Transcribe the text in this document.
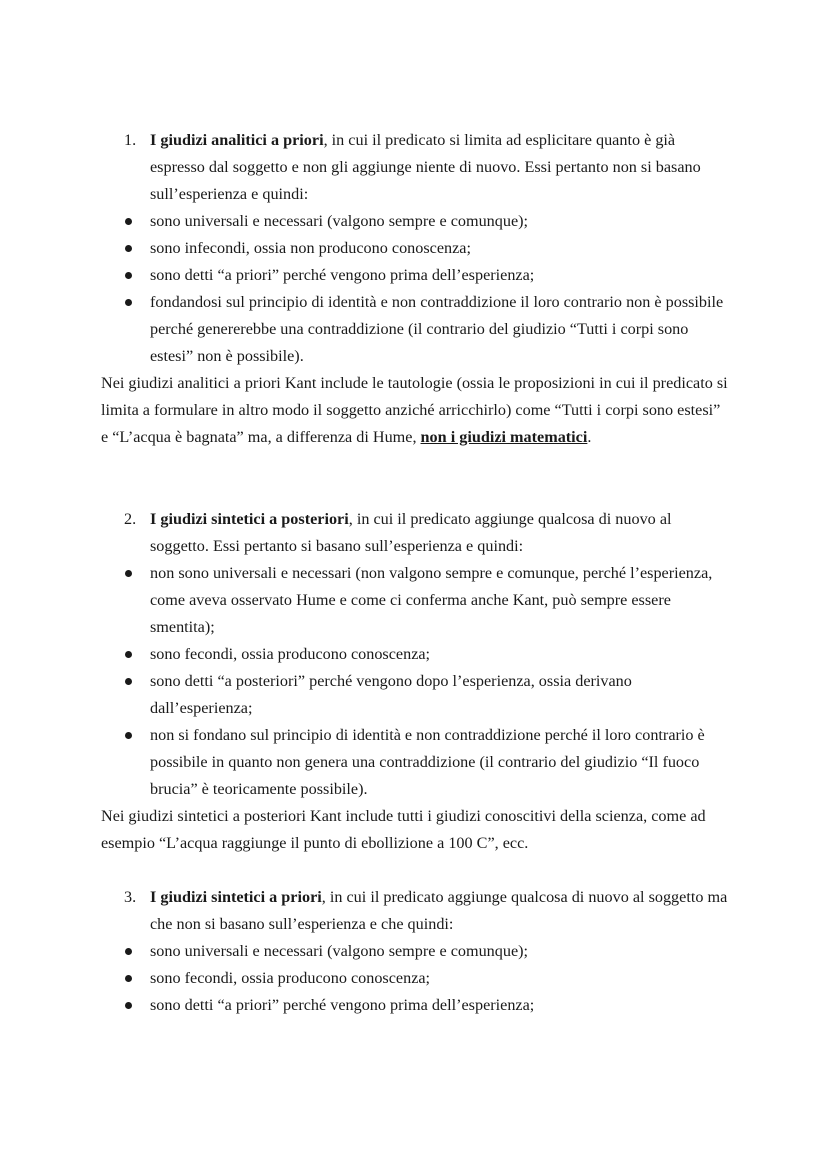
1. I giudizi analitici a priori, in cui il predicato si limita ad esplicitare quanto è già espresso dal soggetto e non gli aggiunge niente di nuovo. Essi pertanto non si basano sull’esperienza e quindi:
sono universali e necessari (valgono sempre e comunque);
sono infecondi, ossia non producono conoscenza;
sono detti “a priori” perché vengono prima dell’esperienza;
fondandosi sul principio di identità e non contraddizione il loro contrario non è possibile perché genererebbe una contraddizione (il contrario del giudizio “Tutti i corpi sono estesi” non è possibile).

Nei giudizi analitici a priori Kant include le tautologie (ossia le proposizioni in cui il predicato si limita a formulare in altro modo il soggetto anziché arricchirlo) come “Tutti i corpi sono estesi” e “L’acqua è bagnata” ma, a differenza di Hume, non i giudizi matematici.

2. I giudizi sintetici a posteriori, in cui il predicato aggiunge qualcosa di nuovo al soggetto. Essi pertanto si basano sull’esperienza e quindi:
non sono universali e necessari (non valgono sempre e comunque, perché l’esperienza, come aveva osservato Hume e come ci conferma anche Kant, può sempre essere smentita);
sono fecondi, ossia producono conoscenza;
sono detti “a posteriori” perché vengono dopo l’esperienza, ossia derivano dall’esperienza;
non si fondano sul principio di identità e non contraddizione perché il loro contrario è possibile in quanto non genera una contraddizione (il contrario del giudizio “Il fuoco brucia” è teoricamente possibile).

Nei giudizi sintetici a posteriori Kant include tutti i giudizi conoscitivi della scienza, come ad esempio “L’acqua raggiunge il punto di ebollizione a 100 C”, ecc.

3. I giudizi sintetici a priori, in cui il predicato aggiunge qualcosa di nuovo al soggetto ma che non si basano sull’esperienza e che quindi:
sono universali e necessari (valgono sempre e comunque);
sono fecondi, ossia producono conoscenza;
sono detti “a priori” perché vengono prima dell’esperienza;
